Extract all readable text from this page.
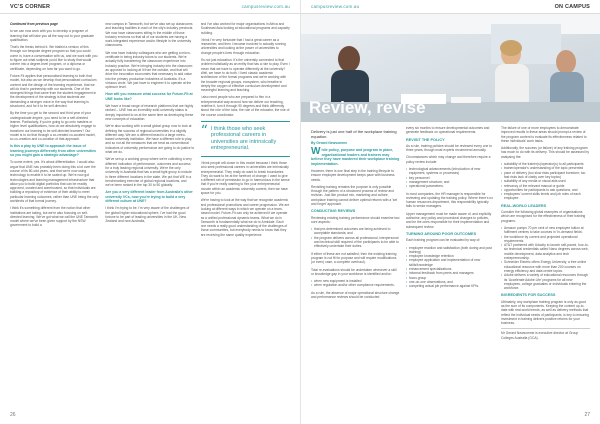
VC'S CORNER	campusreview.com.au

Continued from previous page

to we can now work with you to develop a program of learning that will take you all the way out to your graduate qualification.

That's the thesis behind it. We trialled a version of this through our bespoke degree program so that you could come in, have a conversation with us, and we work with you to figure out what subjects you'd like to study that would cohere into a degree-level program, or a diploma or certificate, depending on how far you want to go.

Future-Fit applies that personalised learning to both that model, but also as we develop that personalised curriculum content and the design of the learning experience, that we will do that in partnership with our students. One of the strongest things that came from the student engagement in the development of the strategy is that students are demanding a stronger voice in the way that learning is structured, and for it to be self-directed.

By the time you get to the second and third year of your undergraduate degree, you need to be a self-directed learner. Particularly, if you're going to go onto masters or higher level qualifications, how do we absolutely engage to transform our learning to be self-directed learners? Our model is to do that through a co-created co-curated model, so co-creation and co-curation of that approach.

Is this a play by UNE to approach the issue of learning journeys differently from other universities so you might gain a strategic advantage?

To some extent, yes. It's about differentiation. I would also argue that UNE has probably been doing this a lot over the course of its 80-odd years, and that we're now using technology to enable it to be scaled up. We're now got technologies and learning management infrastructure that allow you to build digital portfolios that can be readily approved, curated and warehoused, so that individuals are building a repository of evidence of their ability to meet particular learning outcomes, rather than UNE being the only architects of that formal journey.

I think it's something different from the notion that other institutions are taking, but we're also focusing on self-directed learning. We've got what we call the UNE Tamworth model where we've been given support by the NSW government to build a

new campus in Tamworth, but we've also set up classrooms and teaching facilities in each of the city's industry precincts. We now have classrooms sitting in the middle of those industry environs so that all of our students are having a work-integrated experience and/or lifestyle in the university classrooms.

We now have industry colleagues who are getting a micro-certificate in being industry tutors to our students. We're actually fully transferring the classroom experience into industry practice. We're bringing industry into the classroom as opposed to looking at it from the outside, and that will drive the innovation economies that necessary to add value into the primary production industries of Australia. It's a virtuous circle. We just have to engineer it to operate at the optimum level.

How will you measure what success for Future-Fit at UNE looks like?

We have a broad range of research platforms that are highly ranked – UNE has an incredibly solid university status is deeply important to us at the same time as developing these new concepts of education.

We're also working with a small global group now to look at defining the success of regional universities in a slightly different way. We are a different beast to a large metro-based university institution. We have a different role to play, and so not all the measures that we treat as conventional indicators of university performance are going to do justice to what we do.

We've set up a working group where we're collecting a very different indication of performance, outcomes and success for a truly leading regional university. We're the only university in Australia that has a small tight group to include in three different locations in the state. We put that WE in a benchmarking exercise of global regional locations, and we've been ranked in the top 30 to 50 globally.

Are you a very different leader from Australia's other university VCs, now you're trying to build a very different culture at UNE?

I think I'm trying to be. I'm very aware of the challenges of the global higher educational sphere. I've had the good fortune to be part of leading universities in the UK, New Zealand and now Australia,

and I've also worked for major organisations in Africa and Southeast Asia looking at educational programs and capacity building.

I think I'm very fortunate that I had a great career as a researcher, and then I became involved in actually running universities and looking at the power of universities to change people's lives through education.

It's not just education. It's the university connected to that problem holistically as an entity that has a role to play. Even I mean that we have to operate differently at the university? Well, we have to do both. I lived classic academic architecture of the formal programs and we're working with the broader regional groups, ecosystem, who breathe in deeply the oxygen of effective curriculum development and meaningful learning and teaching.

I also need people who are prepared to flex in a entrepreneurial way around how we deliver our teaching, redefine it, turn it through 90 degrees and think differently about the role of the tutor, the role of the educator, the role of the course coordinator.

“ I think those who seek professional careers in universities are intrinsically entrepreneurial.

I think people will closer in this model because I think those who seek professional careers in universities are intrinsically entrepreneurial. They really do want to break boundaries. They do want to be at the forefront of change. I want to give a different set of permission to go in harmonious in the sense that if you're really wanting to flex your entrepreneurial muscle within an academic university context, then we have space for you.

We're having to look at the way that we recognise academic and professional promotions and career progression. We are looking at different ways in which we operate on a team-based model. Future-Fit can only be achieved if we operate as a unified professional dynamic teams. What we do in Tamworth is fundamentally what we do in Armidale. Each one needs a really good understanding of the challenges of those communities, but everybody needs to know that they are receiving the same quality experience.

26
campusreview.com.au	ON CAMPUS
Review, revise
Delivery is just one half of the workplace training equation.
By Gerard Newsomme

While policy, purpose and program in place, organisational leaders and trainers may believe they have mastered their workplace training implementation.

However, there is one final step in the training lifecycle to ensure employee development keeps pace with business needs.

Revisiting training remains the purpose is only possible through the pattern of a structured process of review and revision. Just like product mix, marketing and culture, workplace training cannot deliver optimal returns with a 'set and forget' approach.

CONDUCTING REVIEWS

Reviewing existing training performance should examine two core aspects:

• that pre-determined outcomes are being achieved to acceptable standards; and
• the program delivers across all professional, interpersonal and technical skill required of the participants to be able to effectively undertake their duties.

If either of these are not satisfied, then the existing training program is not fit for purpose and will require modifications (or even) case, a complete overhaul).

Total re-evaluations should be undertaken whenever a skill or knowledge gap in your workforce is identified and/or:

• when new equipment is installed
• when regulation and/or other compliance requirements.

As a rule, the absence of major operational structure change and performance reviews should be conducted

every six months to ensure developmental outcomes and generate feedback on operational requirements.

REVISIT THE POLICY

As a rule, training policies should be reviewed every one to three years, though most experts recommend annually.

Circumstances which may change and therefore require a policy review include:

• technological advancements (introduction of new equipment, systems or processes)
• key personnel
• management structure; and
• operational parameters.

In most companies, the HR manager is responsible for reviewing and updating the training policy. Where there's no human resources department, this responsibility typically falls to senior managers.

Upper management must be made aware of, and explicitly authorise, any policy and procedural changes to policies, and be the ones responsible for their implementation and subsequent review.

TURNING AROUND POOR OUTCOMES

Each training program can be evaluated by way of:

• employee reaction and satisfaction (both during and post training)
• employee knowledge retention
• employee application and implementation of new skills/knowledge
• enhancement specializations
• informal feedback from peers and managers
• focus group
• one-on-one observations, and
• competing actual job performance against KPIs.

The failure of one or more employees to demonstrate improved results in these areas should prompt a review of the program content to evaluate its effectiveness related to these individuals' work tasks.

Additionally, the success (or failure) of any training program has much to do with its delivery. This should be assessed by analysing the:

• suitability of the trainer(s)/operator(s) to all participants
• trainer/operator's understanding of the topic presented
• pace of delivery (too slow risks participant boredom; too fast risks lack of clarity over key topics)
• suitability of any media or visual aids used
• relevancy of the relevant manual or guide
• opportunities for participants to ask questions, and
• employees' current skills levels and job roles of each employee.
REAL-WORLD LEADERS

Consider the following global examples of organisations which are recognised for the effectiveness of their training programs:

• Amazon pumps 70 per cent of new employee tuition at fulfilment centres to take courses in 'In-demand fields'.
• the workforce by current and projected operational requirements.
• AT&T partnered with Udacity to launch self-paced, four-to-six technical credentials called Nano degrees across web, mobile development, data analytics and tech entrepreneurship.
• Schneider Electric offers Energy University, a free online educational resource with more than 200 courses on energy efficiency and data centre topics.
• Adobe delivers a variety of educational resources through its 'Accelerate Adobe Life' programs for all new employees, college graduates or individuals entering the workforce.
INGREDIENTS FOR SUCCESS

Ultimately, any workplace training program is only as good as the sum of its components. Keeping the content up-to-date with real-world trends, as well as delivery methods that reflect the individual needs of participants, is key to ensuring investment in training delivers positive returns for your business.

Mr Gerard Newsomme is executive director at Group Colleges Australia (GCA).
27
